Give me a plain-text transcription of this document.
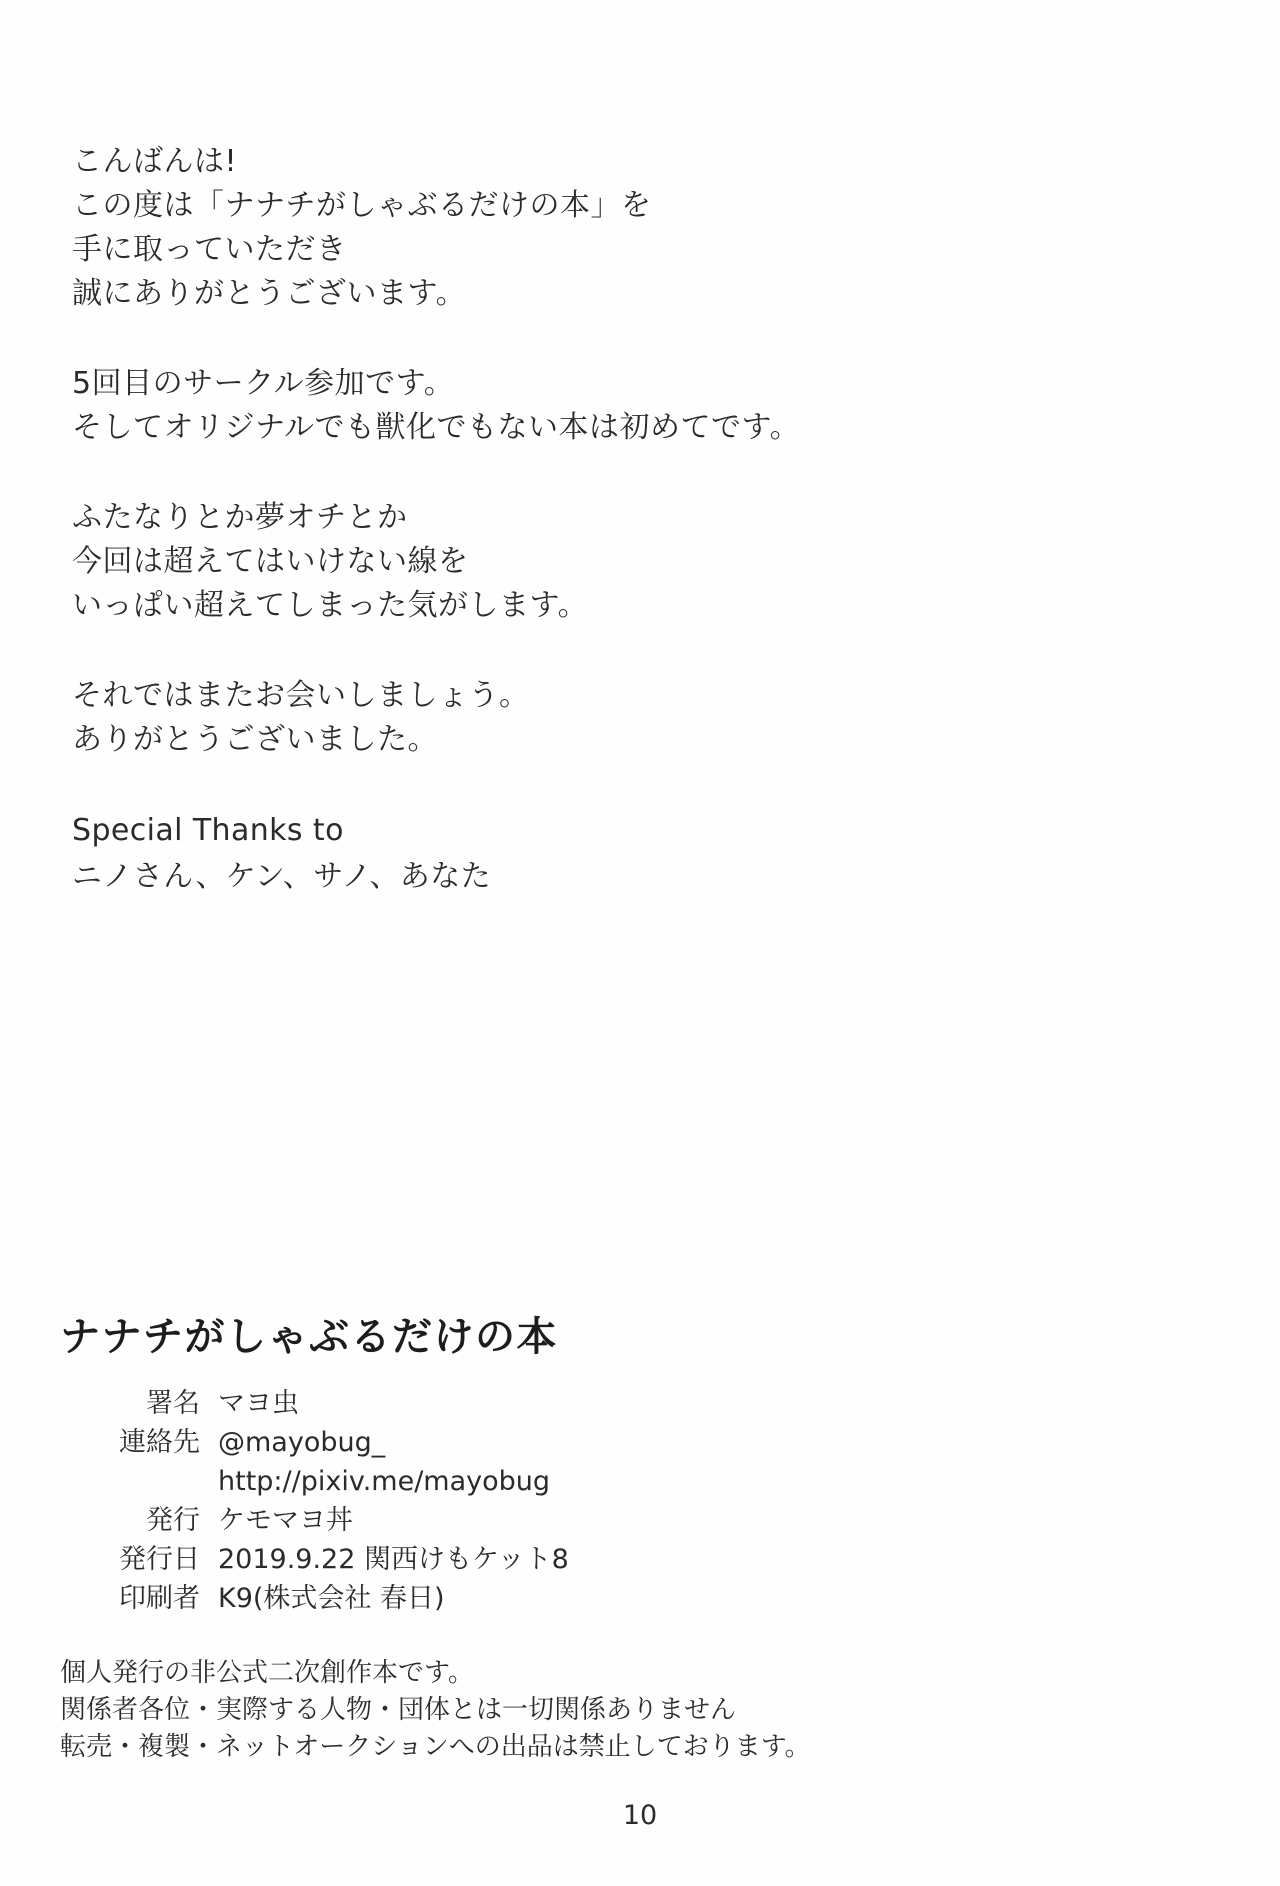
こんばんは!
この度は「ナナチがしゃぶるだけの本」を
手に取っていただき
誠にありがとうございます。
5回目のサークル参加です。
そしてオリジナルでも獣化でもない本は初めてです。
ふたなりとか夢オチとか
今回は超えてはいけない線を
いっぱい超えてしまった気がします。
それではまたお会いしましょう。
ありがとうございました。
Special Thanks to
ニノさん、ケン、サノ、あなた
ナナチがしゃぶるだけの本
署名	マヨ虫
連絡先	@mayobug_
	http://pixiv.me/mayobug
発行	ケモマヨ丼
発行日	2019.9.22 関西けもケット8
印刷者	K9(株式会社 春日)
個人発行の非公式二次創作本です。
関係者各位・実際する人物・団体とは一切関係ありません
転売・複製・ネットオークションへの出品は禁止しております。
10
